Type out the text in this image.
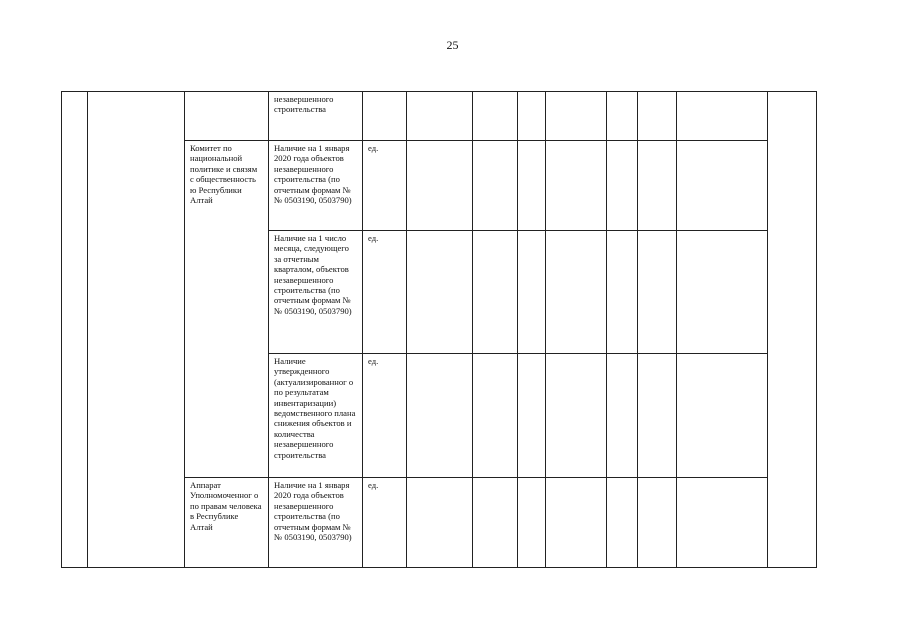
25
			незавершенного строительства									
		Комитет по национальной политике и связям с общественность ю Республики Алтай	Наличие на 1 января 2020 года объектов незавершенного строительства (по отчетным формам №№ 0503190, 0503790)	ед.								
			Наличие на 1 число месяца, следующего за отчетным кварталом, объектов незавершенного строительства (по отчетным формам №№ 0503190, 0503790)	ед.								
			Наличие утвержденного (актуализированног о по результатам инвентаризации) ведомственного плана снижения объектов и количества незавершенного строительства	ед.								
		Аппарат Уполномоченног о по правам человека в Республике Алтай	Наличие на 1 января 2020 года объектов незавершенного строительства (по отчетным формам №№ 0503190, 0503790)	ед.								
